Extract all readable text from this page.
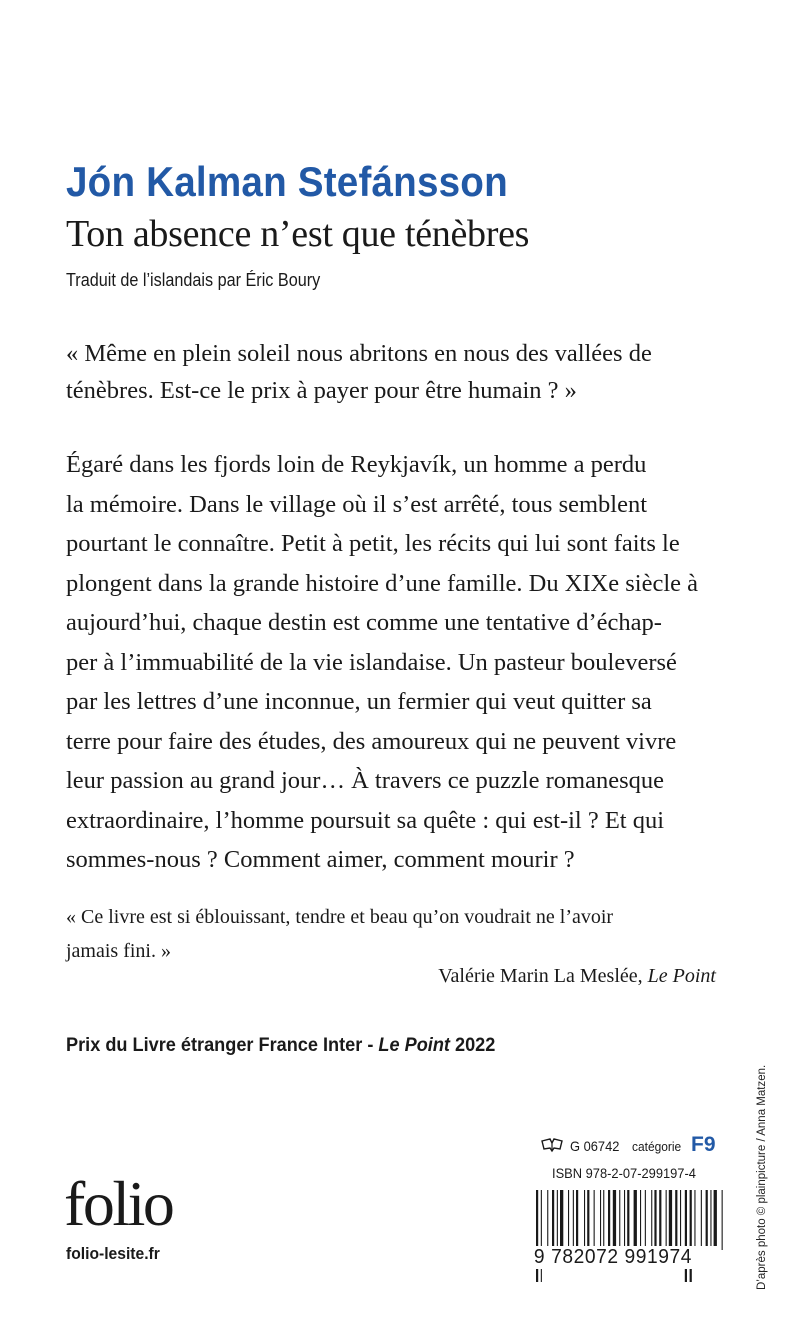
Jón Kalman Stefánsson
Ton absence n’est que ténèbres
Traduit de l’islandais par Éric Boury
« Même en plein soleil nous abritons en nous des vallées de
ténèbres. Est-ce le prix à payer pour être humain ? »
Égaré dans les fjords loin de Reykjavík, un homme a perdu
la mémoire. Dans le village où il s’est arrêté, tous semblent
pourtant le connaître. Petit à petit, les récits qui lui sont faits le
plongent dans la grande histoire d’une famille. Du XIXe siècle à
aujourd’hui, chaque destin est comme une tentative d’échap-
per à l’immuabilité de la vie islandaise. Un pasteur bouleversé
par les lettres d’une inconnue, un fermier qui veut quitter sa
terre pour faire des études, des amoureux qui ne peuvent vivre
leur passion au grand jour… À travers ce puzzle romanesque
extraordinaire, l’homme poursuit sa quête : qui est-il ? Et qui
sommes-nous ? Comment aimer, comment mourir ?
« Ce livre est si éblouissant, tendre et beau qu’on voudrait ne l’avoir
jamais fini. »
Valérie Marin La Meslée, Le Point
Prix du Livre étranger France Inter - Le Point 2022
D’après photo © plainpicture / Anna Matzen.
folio
folio-lesite.fr
G 06742 catégorie F9
ISBN 978-2-07-299197-4
9 782072 991974
